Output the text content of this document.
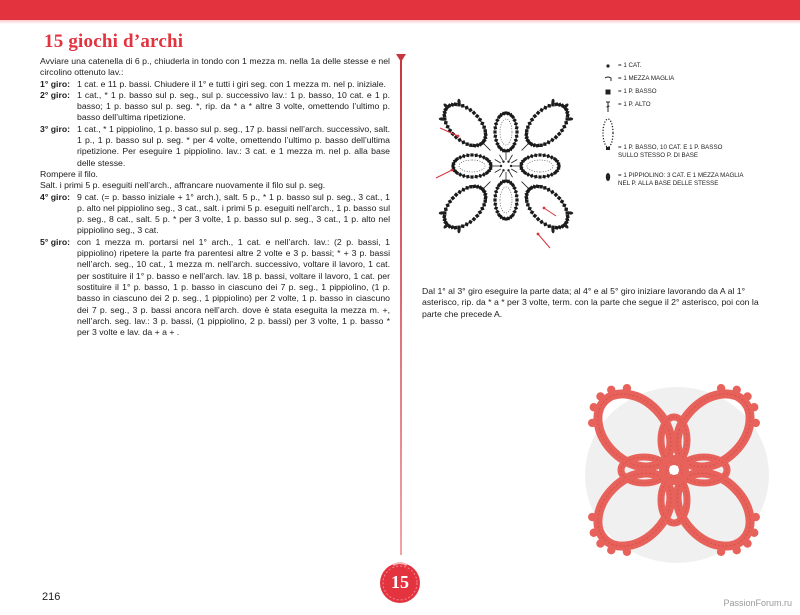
15 giochi d’archi

Avviare una catenella di 6 p., chiuderla in tondo con 1 mezza m. nella 1a delle stesse e nel circolino ottenuto lav.:

1° giro: 1 cat. e 11 p. bassi. Chiudere il 1° e tutti i giri seg. con 1 mezza m. nel p. iniziale.
2° giro: 1 cat., * 1 p. basso sul p. seg., sul p. successivo lav.: 1 p. basso, 10 cat. e 1 p. basso; 1 p. basso sul p. seg. *, rip. da * a * altre 3 volte, omettendo l’ultimo p. basso dell’ultima ripetizione.
3° giro: 1 cat., * 1 pippiolino, 1 p. basso sul p. seg., 17 p. bassi nell’arch. successivo, salt. 1 p., 1 p. basso sul p. seg. * per 4 volte, omettendo l’ultimo p. basso dell’ultima ripetizione. Per eseguire 1 pippiolino. lav.: 3 cat. e 1 mezza m. nel p. alla base delle stesse.

Rompere il filo.

Salt. i primi 5 p. eseguiti nell’arch., affrancare nuovamente il filo sul p. seg.

4° giro: 9 cat. (= p. basso iniziale + 1° arch.), salt. 5 p., * 1 p. basso sul p. seg., 3 cat., 1 p. alto nel pippiolino seg., 3 cat., salt. i primi 5 p. eseguiti nell’arch., 1 p. basso sul p. seg., 8 cat., salt. 5 p. * per 3 volte, 1 p. basso sul p. seg., 3 cat., 1 p. alto nel pippiolino seg., 3 cat.
5° giro: con 1 mezza m. portarsi nel 1° arch., 1 cat. e nell’arch. lav.: (2 p. bassi, 1 pippiolino) ripetere la parte fra parentesi altre 2 volte e 3 p. bassi; * + 3 p. bassi nell’arch. seg., 10 cat., 1 mezza m. nell’arch. successivo, voltare il lavoro, 1 cat. per sostituire il 1° p. basso e nell’arch. lav. 18 p. bassi, voltare il lavoro, 1 cat. per sostituire il 1° p. basso, 1 p. basso in ciascuno dei 7 p. seg., 1 pippiolino, (1 p. basso in ciascuno dei 2 p. seg., 1 pippiolino) per 2 volte, 1 p. basso in ciascuno dei 7 p. seg., 3 p. bassi ancora nell’arch. dove è stata eseguita la mezza m. +, nell’arch. seg. lav.: 3 p. bassi, (1 pippiolino, 2 p. bassi) per 3 volte, 1 p. basso * per 3 volte e lav. da + a + .
15
216	PassionForum.ru
= 1 CAT.
= 1 MEZZA MAGLIA
= 1 P. BASSO
= 1 P. ALTO
= 1 P. BASSO, 10 CAT. E 1 P. BASSO
SULLO STESSO P. DI BASE
= 1 PIPPIOLINO: 3 CAT. E 1 MEZZA MAGLIA
NEL P. ALLA BASE DELLE STESSE

Dal 1° al 3° giro eseguire la parte data; al 4° e al 5° giro iniziare lavorando da A al 1° asterisco, rip. da * a * per 3 volte, term. con la parte che segue il 2° asterisco, poi con la parte che precede A.
